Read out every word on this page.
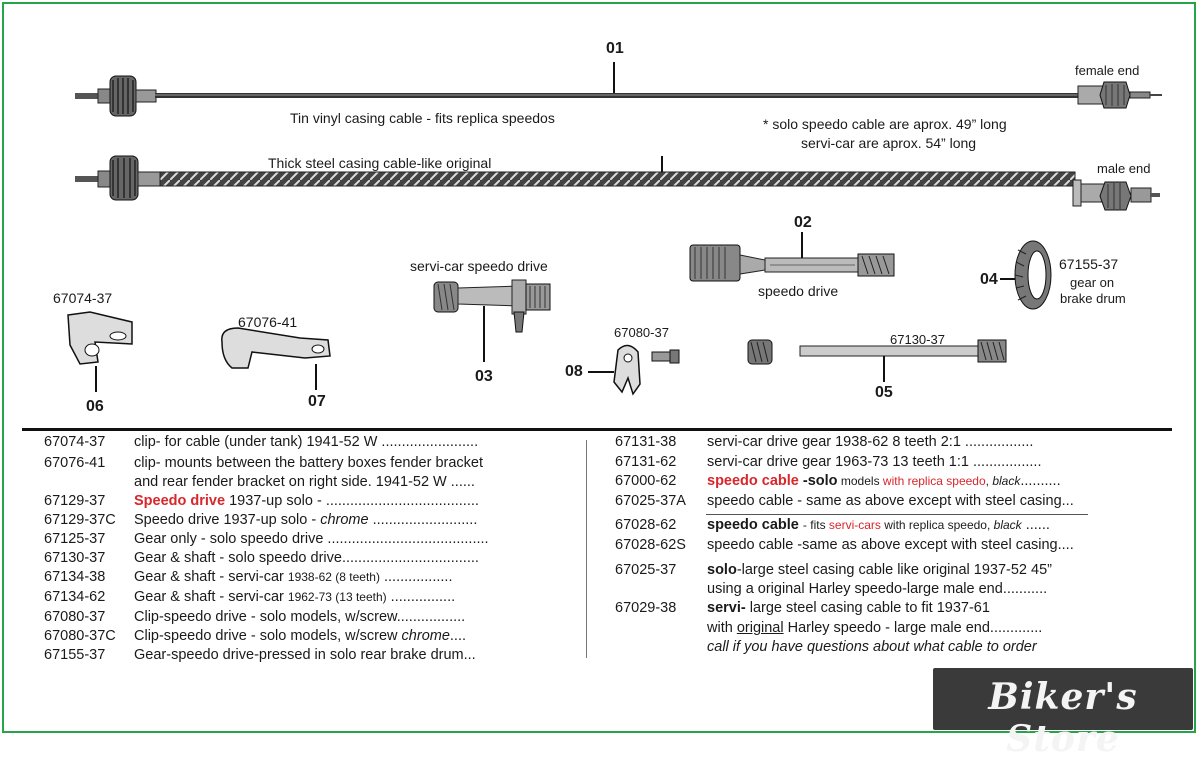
01
02
03
04
05
06	07
08
female end
male end
Tin vinyl casing cable - fits replica speedos
Thick steel casing cable-like original
* solo speedo cable are aprox. 49” long
servi-car are aprox. 54” long
servi-car speedo drive
speedo drive
67155-37
gear on
brake drum
67074-37
67076-41
67080-37	67130-37
67074-37 clip- for cable (under tank) 1941-52 W ........................
67076-41 clip- mounts between the battery boxes fender bracket
and rear fender bracket on right side. 1941-52 W ......
67129-37 Speedo drive 1937-up solo - ......................................
67129-37C Speedo drive 1937-up solo - chrome ..........................
67125-37 Gear only - solo speedo drive ........................................
67130-37 Gear & shaft - solo speedo drive..................................
67134-38 Gear & shaft - servi-car 1938-62 (8 teeth) .................
67134-62 Gear & shaft - servi-car 1962-73 (13 teeth) ................
67080-37 Clip-speedo drive - solo models, w/screw.................
67080-37C Clip-speedo drive - solo models, w/screw chrome....
67155-37 Gear-speedo drive-pressed in solo rear brake drum...
67131-38 servi-car drive gear 1938-62 8 teeth 2:1 .................
67131-62 servi-car drive gear 1963-73 13 teeth 1:1 .................
67000-62 speedo cable -solo models with replica speedo, black..........
67025-37A speedo cable - same as above except with steel casing...
67028-62 speedo cable - fits servi-cars with replica speedo, black ......
67028-62S speedo cable -same as above except with steel casing....
67025-37 solo-large steel casing cable like original 1937-52 45”
using a original Harley speedo-large male end...........
67029-38 servi- large steel casing cable to fit 1937-61
with original Harley speedo - large male end.............
call if you have questions about what cable to order
Biker's Store
